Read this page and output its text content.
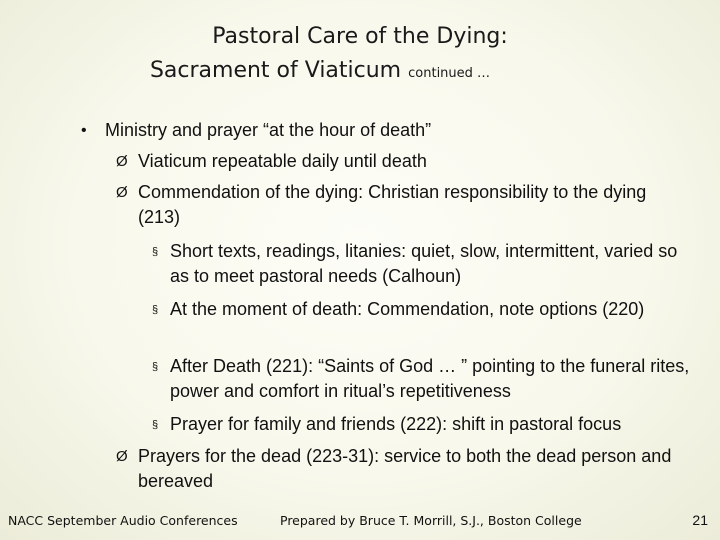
Pastoral Care of the Dying:
Sacrament of Viaticum continued …
• Ministry and prayer “at the hour of death”
Ø Viaticum repeatable daily until death
Ø Commendation of the dying: Christian responsibility to the dying (213)
§ Short texts, readings, litanies: quiet, slow, intermittent, varied so as to meet pastoral needs (Calhoun)
§ At the moment of death: Commendation, note options (220)
§ After Death (221): “Saints of God … ” pointing to the funeral rites, power and comfort in ritual’s repetitiveness
§ Prayer for family and friends (222): shift in pastoral focus
Ø Prayers for the dead (223-31): service to both the dead person and bereaved
NACC September Audio Conferences	Prepared by Bruce T. Morrill, S.J., Boston College	21
